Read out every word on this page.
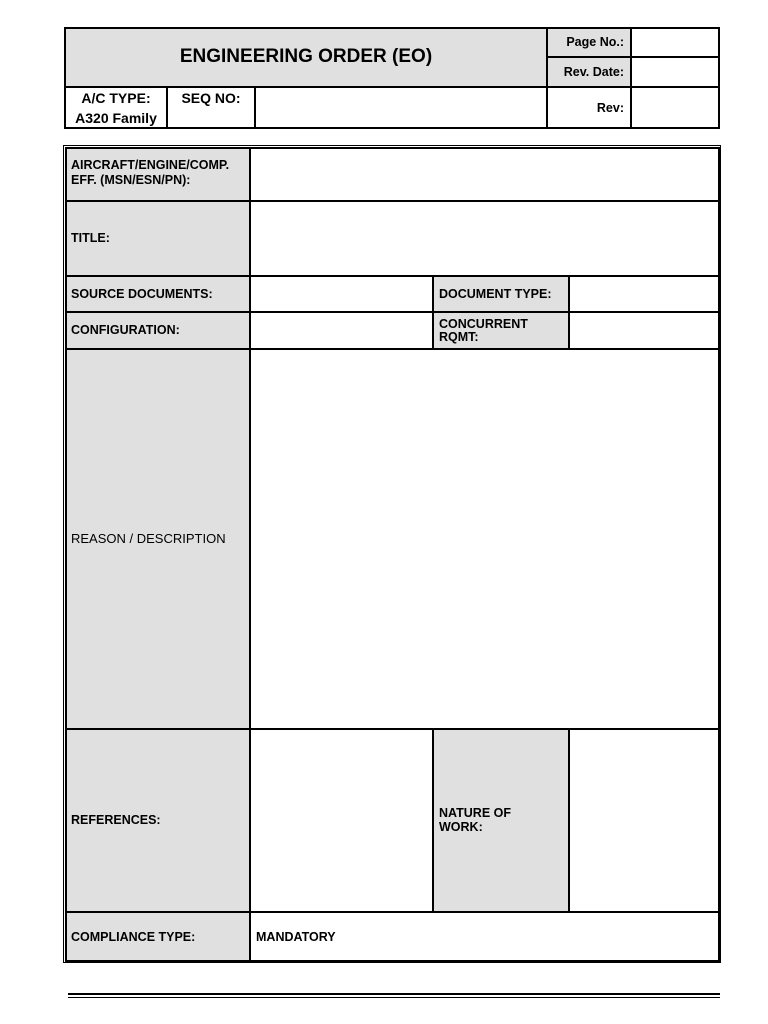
ENGINEERING ORDER (EO)
Page No.:
Rev. Date:
A/C TYPE:
A320 Family
SEQ NO:
Rev:
AIRCRAFT/ENGINE/COMP.
EFF. (MSN/ESN/PN):
TITLE:
SOURCE DOCUMENTS:	DOCUMENT TYPE:
CONFIGURATION:	CONCURRENT
RQMT:
REASON / DESCRIPTION
REFERENCES:	NATURE OF
WORK:
COMPLIANCE TYPE:	MANDATORY
